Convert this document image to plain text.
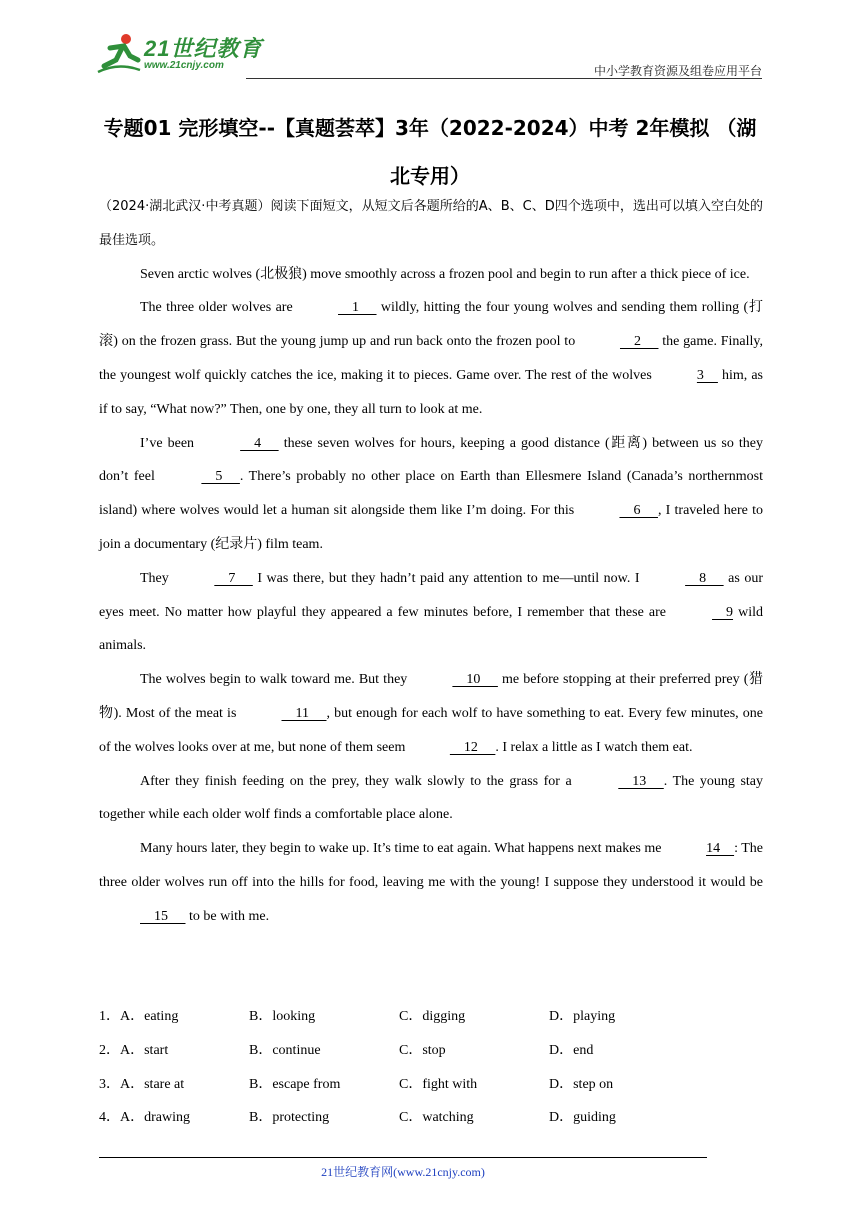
21世纪教育
www.21cnjy.com	中小学教育资源及组卷应用平台
专题01 完形填空--【真题荟萃】3年（2022-2024）中考 2年模拟 （湖
北专用）
（2024·湖北武汉·中考真题）阅读下面短文，从短文后各题所给的A、B、C、D四个选项中，选出可以填入空白处的最佳选项。
Seven arctic wolves (北极狼) move smoothly across a frozen pool and begin to run after a thick piece of ice.
The three older wolves are	1      wildly, hitting the four young wolves and sending them rolling (打滚) on the frozen grass. But the young jump up and run back onto the frozen pool to	2      the game. Finally, the youngest wolf quickly catches the ice, making it to pieces. Game over. The rest of the wolves	3     him, as if to say, “What now?” Then, one by one, they all turn to look at me.
I’ve been	4      these seven wolves for hours, keeping a good distance (距离) between us so they don’t feel	5     . There’s probably no other place on Earth than Ellesmere Island (Canada’s northernmost island) where wolves would let a human sit alongside them like I’m doing. For this	6     , I traveled here to join a documentary (纪录片) film team.
They	7      I was there, but they hadn’t paid any attention to me—until now. I	8      as our eyes meet. No matter how playful they appeared a few minutes before, I remember that these are	9 wild animals.
The wolves begin to walk toward me. But they	10      me before stopping at their preferred prey (猎物). Most of the meat is	11     , but enough for each wolf to have something to eat. Every few minutes, one of the wolves looks over at me, but none of them seem	12     . I relax a little as I watch them eat.
After they finish feeding on the prey, they walk slowly to the grass for a	13     . The young stay together while each older wolf finds a comfortable place alone.
Many hours later, they begin to wake up. It’s time to eat again. What happens next makes me	14    : The three older wolves run off into the hills for food, leaving me with the young! I suppose they understood it would be     15      to be with me.
1．A．eating	B．looking	C．digging	D．playing
2．A．start	B．continue	C．stop	D．end
3．A．stare at	B．escape from	C．fight with	D．step on
4．A．drawing	B．protecting	C．watching	D．guiding
21世纪教育网(www.21cnjy.com)
